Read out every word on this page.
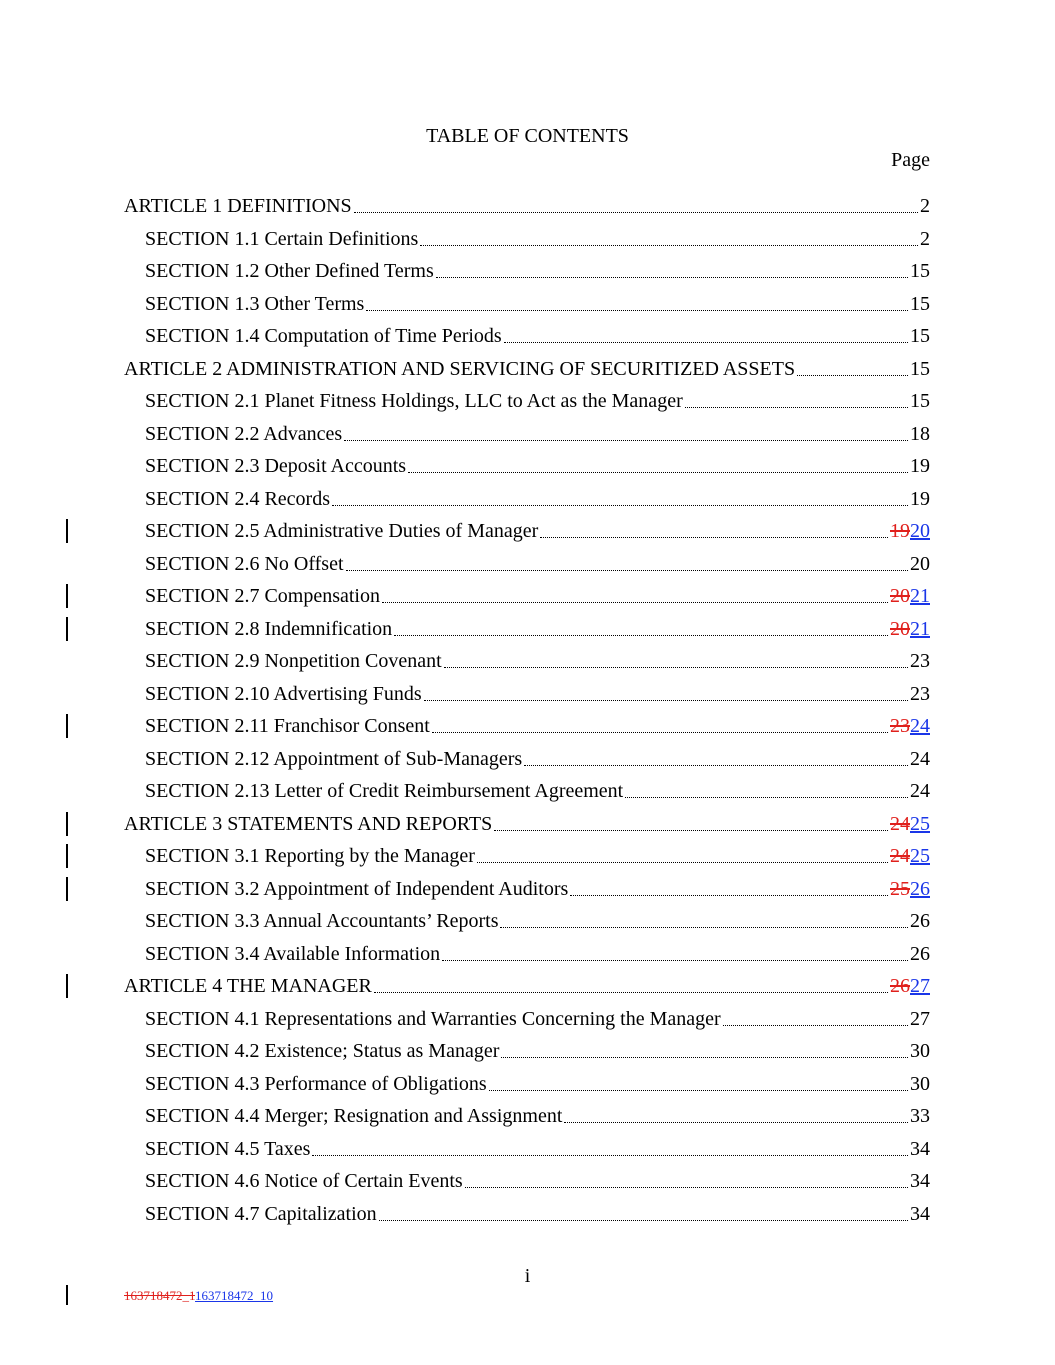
TABLE OF CONTENTS
Page
ARTICLE 1 DEFINITIONS	2
SECTION 1.1 Certain Definitions	2
SECTION 1.2 Other Defined Terms	15
SECTION 1.3 Other Terms	15
SECTION 1.4 Computation of Time Periods	15
ARTICLE 2 ADMINISTRATION AND SERVICING OF SECURITIZED ASSETS	15
SECTION 2.1 Planet Fitness Holdings, LLC to Act as the Manager	15
SECTION 2.2 Advances	18
SECTION 2.3 Deposit Accounts	19
SECTION 2.4 Records	19
SECTION 2.5 Administrative Duties of Manager	1920
SECTION 2.6 No Offset	20
SECTION 2.7 Compensation	2021
SECTION 2.8 Indemnification	2021
SECTION 2.9 Nonpetition Covenant	23
SECTION 2.10 Advertising Funds	23
SECTION 2.11 Franchisor Consent	2324
SECTION 2.12 Appointment of Sub-Managers	24
SECTION 2.13 Letter of Credit Reimbursement Agreement	24
ARTICLE 3 STATEMENTS AND REPORTS	2425
SECTION 3.1 Reporting by the Manager	2425
SECTION 3.2 Appointment of Independent Auditors	2526
SECTION 3.3 Annual Accountants’ Reports	26
SECTION 3.4 Available Information	26
ARTICLE 4 THE MANAGER	2627
SECTION 4.1 Representations and Warranties Concerning the Manager	27
SECTION 4.2 Existence; Status as Manager	30
SECTION 4.3 Performance of Obligations	30
SECTION 4.4 Merger; Resignation and Assignment	33
SECTION 4.5 Taxes	34
SECTION 4.6 Notice of Certain Events	34
SECTION 4.7 Capitalization	34
i
163718472_1163718472_10
